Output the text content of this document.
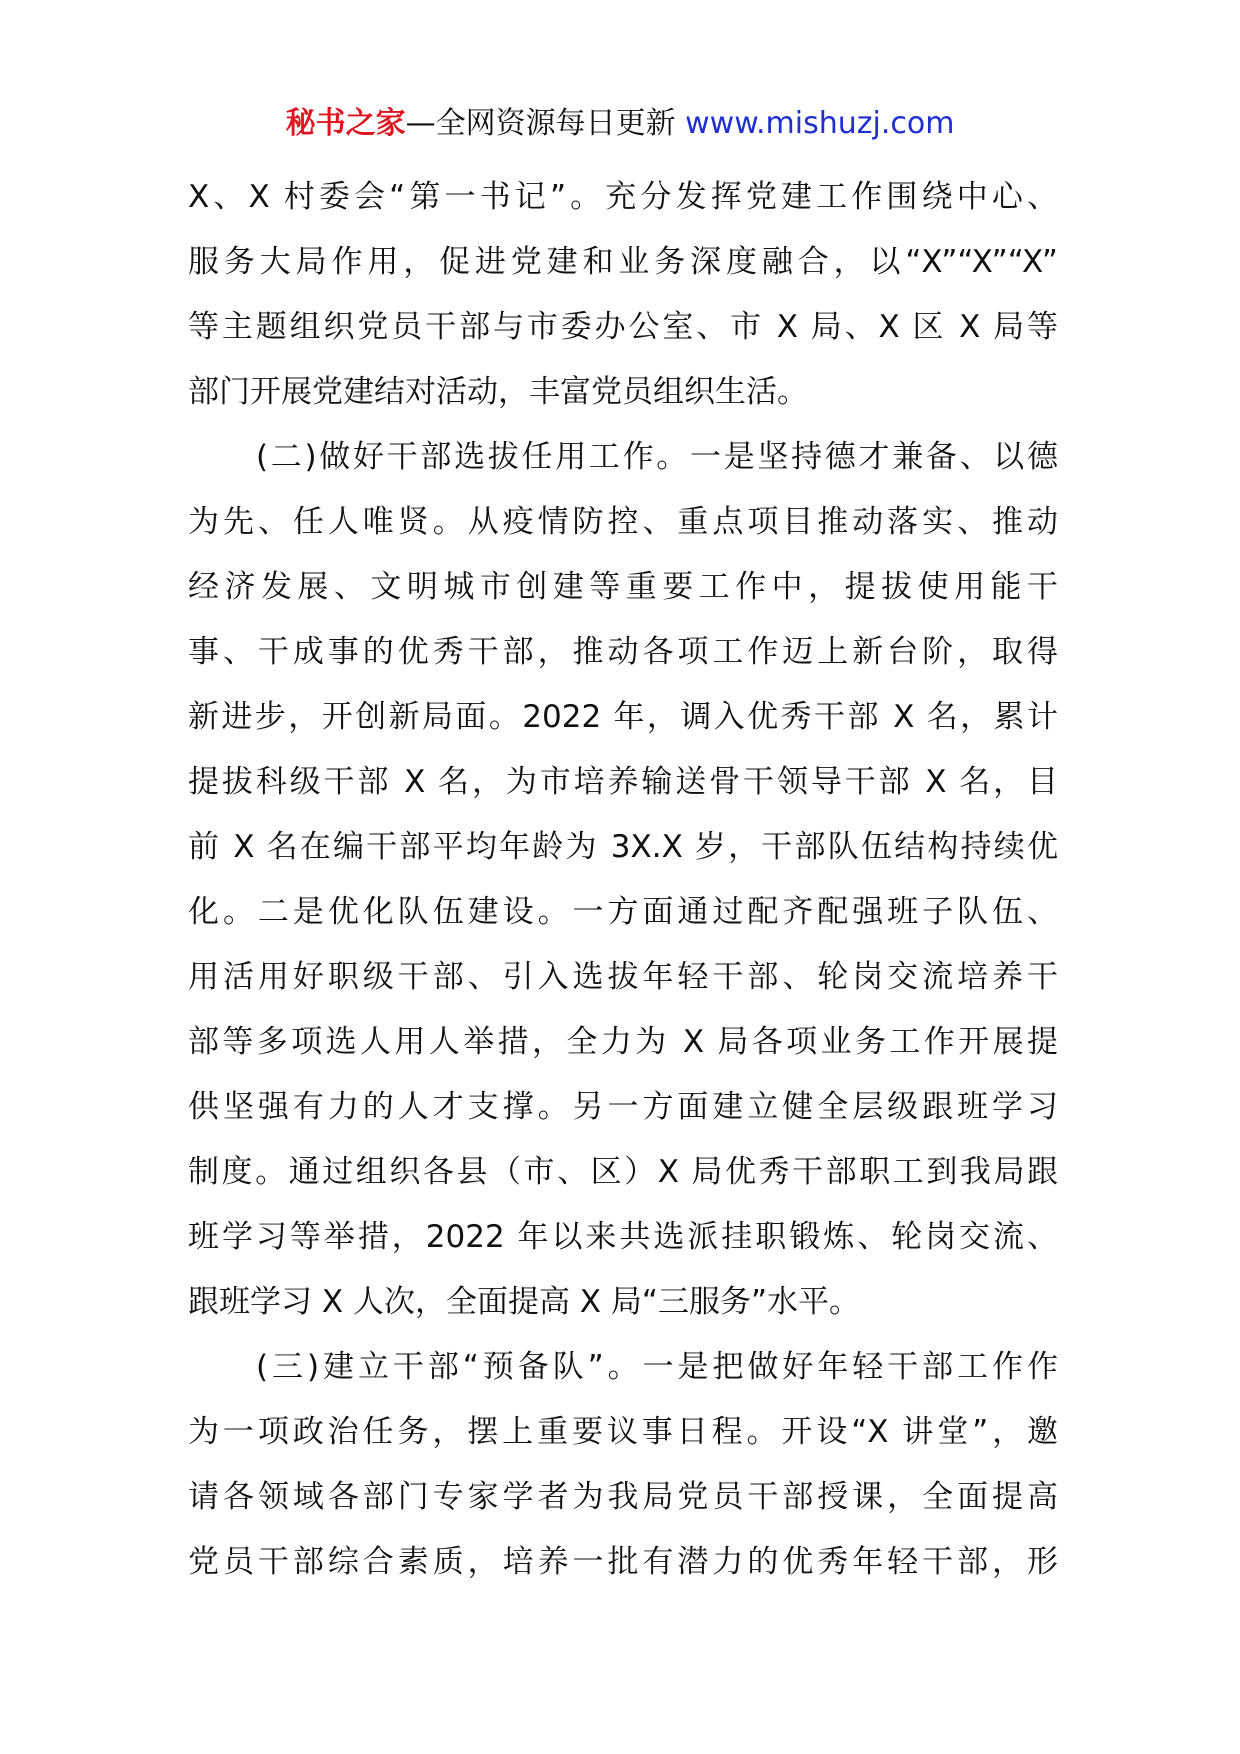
秘书之家—全网资源每日更新 www.mishuzj.com
X、X 村委会“第一书记”。充分发挥党建工作围绕中心、
服务大局作用，促进党建和业务深度融合，以“X”“X”“X”
等主题组织党员干部与市委办公室、市 X 局、X 区 X 局等
部门开展党建结对活动，丰富党员组织生活。
(二)做好干部选拔任用工作。一是坚持德才兼备、以德
为先、任人唯贤。从疫情防控、重点项目推动落实、推动
经济发展、文明城市创建等重要工作中，提拔使用能干
事、干成事的优秀干部，推动各项工作迈上新台阶，取得
新进步，开创新局面。2022 年，调入优秀干部 X 名，累计
提拔科级干部 X 名，为市培养输送骨干领导干部 X 名，目
前 X 名在编干部平均年龄为 3X.X 岁，干部队伍结构持续优
化。二是优化队伍建设。一方面通过配齐配强班子队伍、
用活用好职级干部、引入选拔年轻干部、轮岗交流培养干
部等多项选人用人举措，全力为 X 局各项业务工作开展提
供坚强有力的人才支撑。另一方面建立健全层级跟班学习
制度。通过组织各县（市、区）X 局优秀干部职工到我局跟
班学习等举措，2022 年以来共选派挂职锻炼、轮岗交流、
跟班学习 X 人次，全面提高 X 局“三服务”水平。
(三)建立干部“预备队”。一是把做好年轻干部工作作
为一项政治任务，摆上重要议事日程。开设“X 讲堂”，邀
请各领域各部门专家学者为我局党员干部授课，全面提高
党员干部综合素质，培养一批有潜力的优秀年轻干部，形
